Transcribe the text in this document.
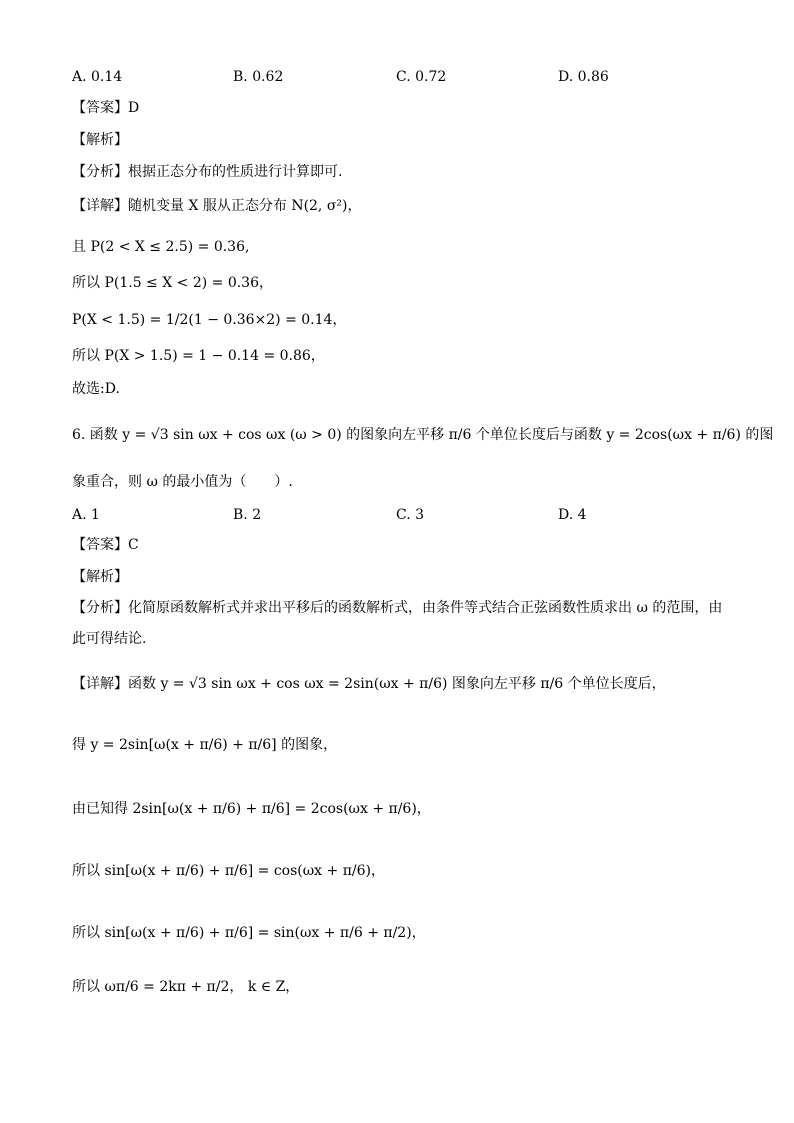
A. 0.14	B. 0.62	C. 0.72	D. 0.86
【答案】D
【解析】
【分析】根据正态分布的性质进行计算即可.
【详解】随机变量 X 服从正态分布 N(2, σ²)，
且 P(2 < X ≤ 2.5) = 0.36,
所以 P(1.5 ≤ X < 2) = 0.36，
P(X < 1.5) = 1/2(1 − 0.36×2) = 0.14，
所以 P(X > 1.5) = 1 − 0.14 = 0.86，
故选:D.
6. 函数 y = √3 sin ωx + cos ωx (ω > 0) 的图象向左平移 π/6 个单位长度后与函数 y = 2cos(ωx + π/6) 的图
象重合，则 ω 的最小值为（　　）.
A. 1	B. 2	C. 3	D. 4
【答案】C
【解析】
【分析】化简原函数解析式并求出平移后的函数解析式，由条件等式结合正弦函数性质求出 ω 的范围，由
此可得结论.
【详解】函数 y = √3 sin ωx + cos ωx = 2sin(ωx + π/6) 图象向左平移 π/6 个单位长度后，
得 y = 2sin[ω(x + π/6) + π/6] 的图象，
由已知得 2sin[ω(x + π/6) + π/6] = 2cos(ωx + π/6)，
所以 sin[ω(x + π/6) + π/6] = cos(ωx + π/6)，
所以 sin[ω(x + π/6) + π/6] = sin(ωx + π/6 + π/2)，
所以 ωπ/6 = 2kπ + π/2， k ∈ Z，
